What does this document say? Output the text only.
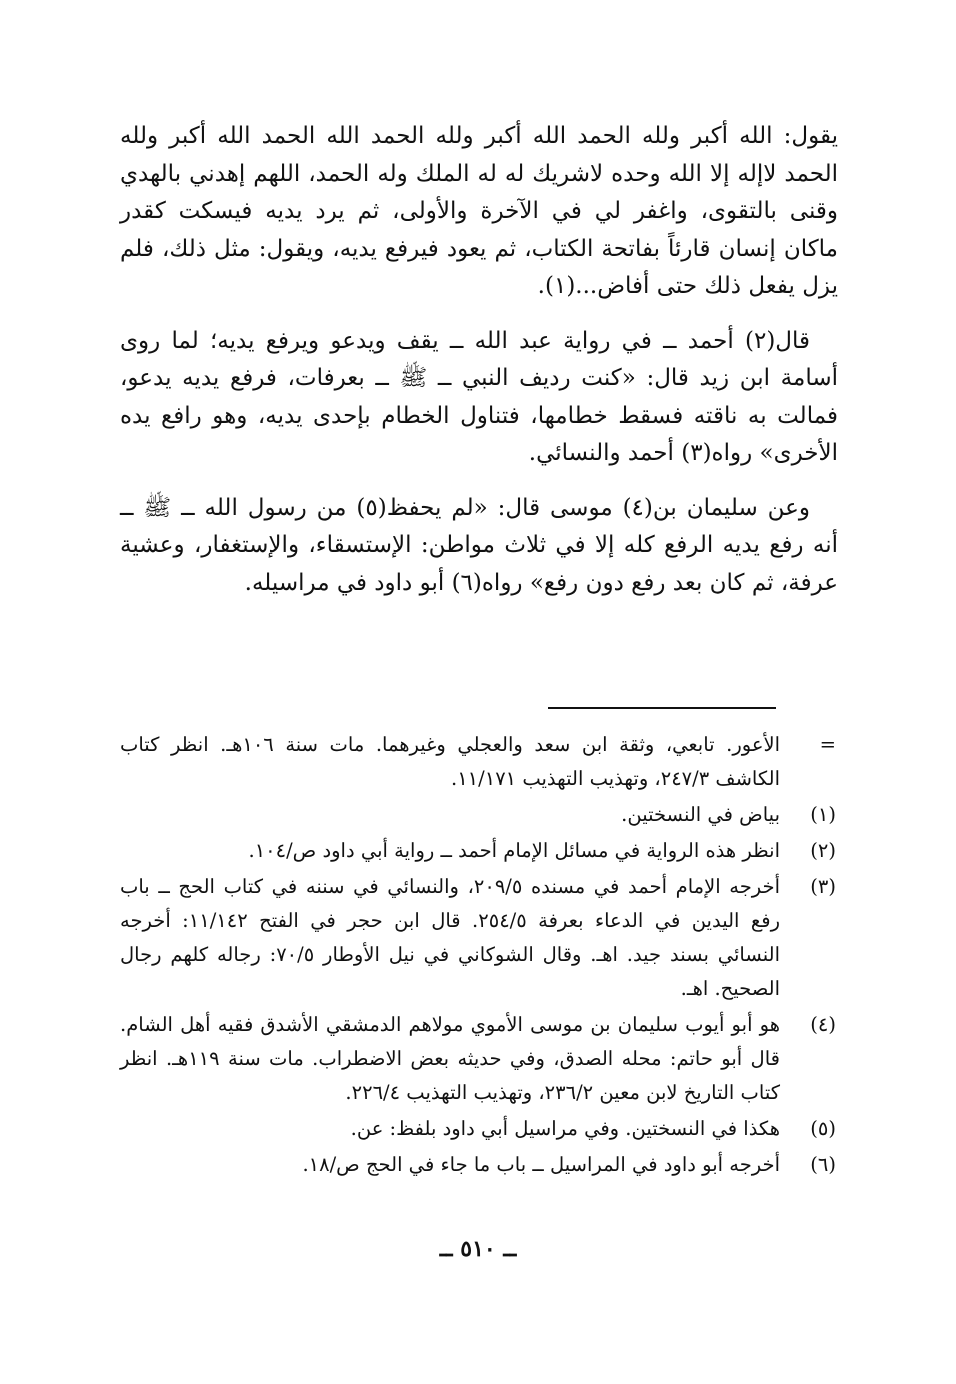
يقول: الله أكبر ولله الحمد الله أكبر ولله الحمد الله الحمد الله أكبر ولله الحمد لاإله إلا الله وحده لاشريك له له الملك وله الحمد، اللهم إهدني بالهدي وقنى بالتقوى، واغفر لي في الآخرة والأولى، ثم يرد يديه فيسكت كقدر ماكان إنسان قارئاً بفاتحة الكتاب، ثم يعود فيرفع يديه، ويقول: مثل ذلك، فلم يزل يفعل ذلك حتى أفاض...(١).

قال(٢) أحمد ــ في رواية عبد الله ــ يقف ويدعو ويرفع يديه؛ لما روى أسامة ابن زيد قال: «كنت رديف النبي ــ ﷺ ــ بعرفات، فرفع يديه يدعو، فمالت به ناقته فسقط خطامها، فتناول الخطام بإحدى يديه، وهو رافع يده الأخرى» رواه(٣) أحمد والنسائي.

وعن سليمان بن(٤) موسى قال: «لم يحفظ(٥) من رسول الله ــ ﷺ ــ أنه رفع يديه الرفع كله إلا في ثلاث مواطن: الإستسقاء، والإستغفار، وعشية عرفة، ثم كان بعد رفع دون رفع» رواه(٦) أبو داود في مراسيله.

=
الأعور. تابعي، وثقة ابن سعد والعجلي وغيرهما. مات سنة ١٠٦هـ. انظر كتاب الكاشف ٢٤٧/٣، وتهذيب التهذيب ١١/١٧١.
(١)
بياض في النسختين.
(٢)
انظر هذه الرواية في مسائل الإمام أحمد ــ رواية أبي داود ص/١٠٤.
(٣)
أخرجه الإمام أحمد في مسنده ٢٠٩/٥، والنسائي في سننه في كتاب الحج ــ باب رفع اليدين في الدعاء بعرفة ٢٥٤/٥. قال ابن حجر في الفتح ١١/١٤٢: أخرجه النسائي بسند جيد. اهـ. وقال الشوكاني في نيل الأوطار ٧٠/٥: رجاله كلهم رجال الصحيح. اهـ.
(٤)
هو أبو أيوب سليمان بن موسى الأموي مولاهم الدمشقي الأشدق فقيه أهل الشام. قال أبو حاتم: محله الصدق، وفي حديثه بعض الاضطراب. مات سنة ١١٩هـ. انظر كتاب التاريخ لابن معين ٢٣٦/٢، وتهذيب التهذيب ٢٢٦/٤.
(٥)
هكذا في النسختين. وفي مراسيل أبي داود بلفظ: عن.
(٦)
أخرجه أبو داود في المراسيل ــ باب ما جاء في الحج ص/١٨.
ــ ٥١٠ ــ
